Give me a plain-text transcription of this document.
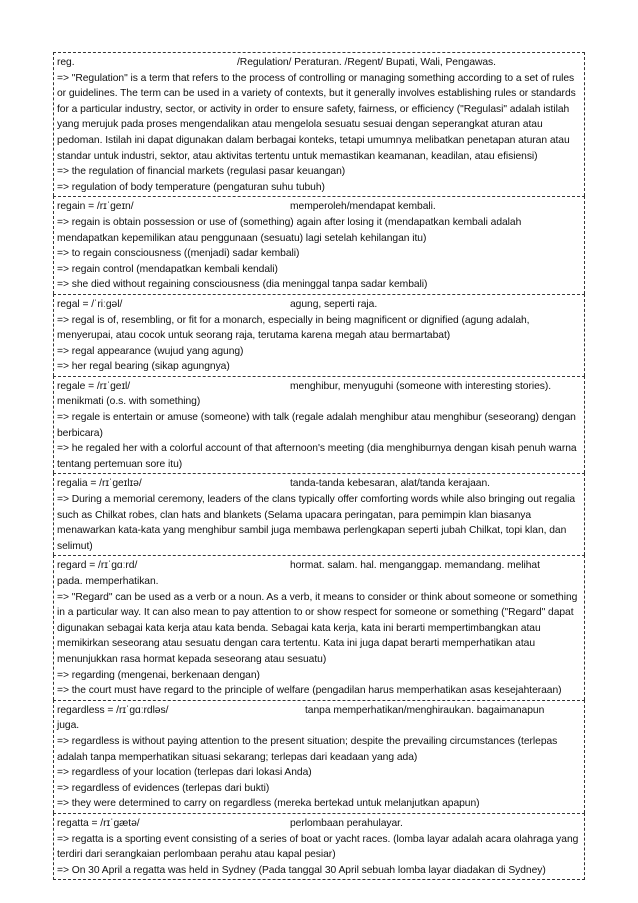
reg.	/Regulation/ Peraturan. /Regent/ Bupati, Wali, Pengawas.
=> "Regulation" is a term that refers to the process of controlling or managing something according to a set of rules or guidelines. The term can be used in a variety of contexts, but it generally involves establishing rules or standards for a particular industry, sector, or activity in order to ensure safety, fairness, or efficiency ("Regulasi" adalah istilah yang merujuk pada proses mengendalikan atau mengelola sesuatu sesuai dengan seperangkat aturan atau pedoman. Istilah ini dapat digunakan dalam berbagai konteks, tetapi umumnya melibatkan penetapan aturan atau standar untuk industri, sektor, atau aktivitas tertentu untuk memastikan keamanan, keadilan, atau efisiensi)
=> the regulation of financial markets (regulasi pasar keuangan)
=> regulation of body temperature (pengaturan suhu tubuh)
regain = /rɪˈgeɪn/	memperoleh/mendapat kembali.
=> regain is obtain possession or use of (something) again after losing it (mendapatkan kembali adalah mendapatkan kepemilikan atau penggunaan (sesuatu) lagi setelah kehilangan itu)
=> to regain consciousness ((menjadi) sadar kembali)
=> regain control (mendapatkan kembali kendali)
=> she died without regaining consciousness (dia meninggal tanpa sadar kembali)
regal = /ˈriːgəl/	agung, seperti raja.
=> regal is of, resembling, or fit for a monarch, especially in being magnificent or dignified (agung adalah, menyerupai, atau cocok untuk seorang raja, terutama karena megah atau bermartabat)
=> regal appearance (wujud yang agung)
=> her regal bearing (sikap agungnya)
regale = /rɪˈgeɪl/	menghibur, menyuguhi (someone with interesting stories).
menikmati (o.s. with something)
=> regale is entertain or amuse (someone) with talk (regale adalah menghibur atau menghibur (seseorang) dengan berbicara)
=> he regaled her with a colorful account of that afternoon's meeting (dia menghiburnya dengan kisah penuh warna tentang pertemuan sore itu)
regalia = /rɪˈgeɪlɪə/	tanda-tanda kebesaran, alat/tanda kerajaan.
=> During a memorial ceremony, leaders of the clans typically offer comforting words while also bringing out regalia such as Chilkat robes, clan hats and blankets (Selama upacara peringatan, para pemimpin klan biasanya menawarkan kata-kata yang menghibur sambil juga membawa perlengkapan seperti jubah Chilkat, topi klan, dan selimut)
regard = /rɪˈgɑːrd/	hormat. salam. hal. menganggap. memandang. melihat
pada. memperhatikan.
=> "Regard" can be used as a verb or a noun. As a verb, it means to consider or think about someone or something in a particular way. It can also mean to pay attention to or show respect for someone or something ("Regard" dapat digunakan sebagai kata kerja atau kata benda. Sebagai kata kerja, kata ini berarti mempertimbangkan atau memikirkan seseorang atau sesuatu dengan cara tertentu. Kata ini juga dapat berarti memperhatikan atau menunjukkan rasa hormat kepada seseorang atau sesuatu)
=> regarding (mengenai, berkenaan dengan)
=> the court must have regard to the principle of welfare (pengadilan harus memperhatikan asas kesejahteraan)
regardless = /rɪˈgɑːrdləs/	tanpa memperhatikan/menghiraukan. bagaimanapun
juga.
=> regardless is without paying attention to the present situation; despite the prevailing circumstances (terlepas adalah tanpa memperhatikan situasi sekarang; terlepas dari keadaan yang ada)
=> regardless of your location (terlepas dari lokasi Anda)
=> regardless of evidences (terlepas dari bukti)
=> they were determined to carry on regardless (mereka bertekad untuk melanjutkan apapun)
regatta = /rɪˈgætə/	perlombaan perahulayar.
=> regatta is a sporting event consisting of a series of boat or yacht races. (lomba layar adalah acara olahraga yang terdiri dari serangkaian perlombaan perahu atau kapal pesiar)
=> On 30 April a regatta was held in Sydney (Pada tanggal 30 April sebuah lomba layar diadakan di Sydney)
